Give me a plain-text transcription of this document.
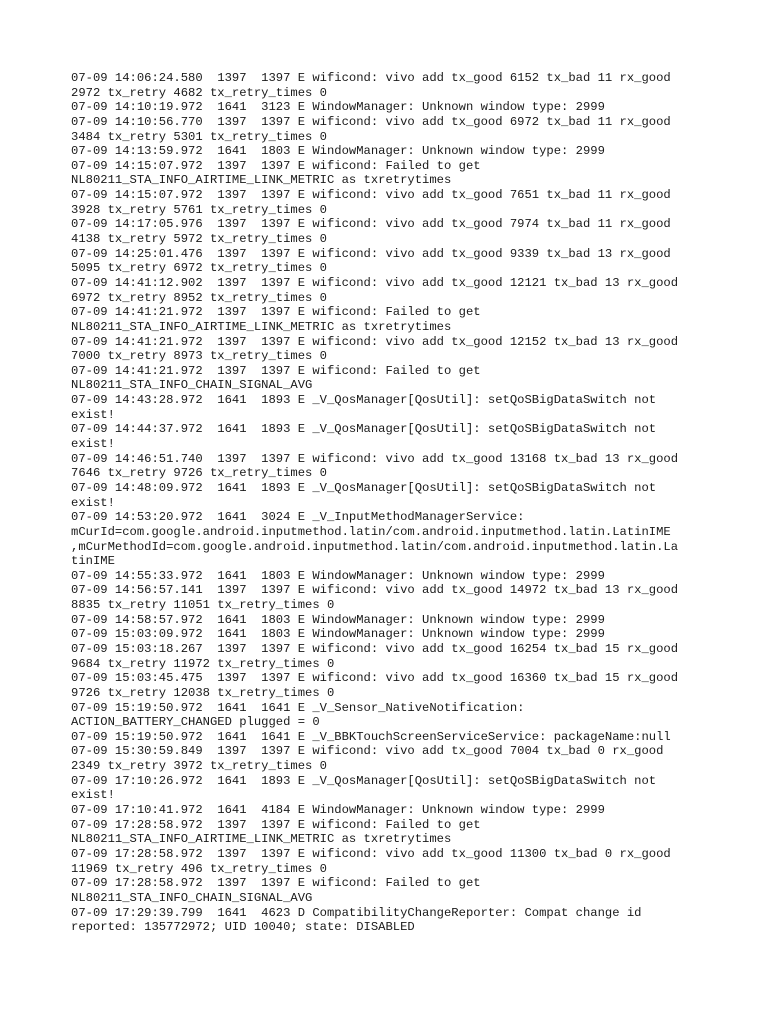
07-09 14:06:24.580  1397  1397 E wificond: vivo add tx_good 6152 tx_bad 11 rx_good
2972 tx_retry 4682 tx_retry_times 0
07-09 14:10:19.972  1641  3123 E WindowManager: Unknown window type: 2999
07-09 14:10:56.770  1397  1397 E wificond: vivo add tx_good 6972 tx_bad 11 rx_good
3484 tx_retry 5301 tx_retry_times 0
07-09 14:13:59.972  1641  1803 E WindowManager: Unknown window type: 2999
07-09 14:15:07.972  1397  1397 E wificond: Failed to get
NL80211_STA_INFO_AIRTIME_LINK_METRIC as txretrytimes
07-09 14:15:07.972  1397  1397 E wificond: vivo add tx_good 7651 tx_bad 11 rx_good
3928 tx_retry 5761 tx_retry_times 0
07-09 14:17:05.976  1397  1397 E wificond: vivo add tx_good 7974 tx_bad 11 rx_good
4138 tx_retry 5972 tx_retry_times 0
07-09 14:25:01.476  1397  1397 E wificond: vivo add tx_good 9339 tx_bad 13 rx_good
5095 tx_retry 6972 tx_retry_times 0
07-09 14:41:12.902  1397  1397 E wificond: vivo add tx_good 12121 tx_bad 13 rx_good
6972 tx_retry 8952 tx_retry_times 0
07-09 14:41:21.972  1397  1397 E wificond: Failed to get
NL80211_STA_INFO_AIRTIME_LINK_METRIC as txretrytimes
07-09 14:41:21.972  1397  1397 E wificond: vivo add tx_good 12152 tx_bad 13 rx_good
7000 tx_retry 8973 tx_retry_times 0
07-09 14:41:21.972  1397  1397 E wificond: Failed to get
NL80211_STA_INFO_CHAIN_SIGNAL_AVG
07-09 14:43:28.972  1641  1893 E _V_QosManager[QosUtil]: setQoSBigDataSwitch not
exist!
07-09 14:44:37.972  1641  1893 E _V_QosManager[QosUtil]: setQoSBigDataSwitch not
exist!
07-09 14:46:51.740  1397  1397 E wificond: vivo add tx_good 13168 tx_bad 13 rx_good
7646 tx_retry 9726 tx_retry_times 0
07-09 14:48:09.972  1641  1893 E _V_QosManager[QosUtil]: setQoSBigDataSwitch not
exist!
07-09 14:53:20.972  1641  3024 E _V_InputMethodManagerService:
mCurId=com.google.android.inputmethod.latin/com.android.inputmethod.latin.LatinIME
,mCurMethodId=com.google.android.inputmethod.latin/com.android.inputmethod.latin.La
tinIME
07-09 14:55:33.972  1641  1803 E WindowManager: Unknown window type: 2999
07-09 14:56:57.141  1397  1397 E wificond: vivo add tx_good 14972 tx_bad 13 rx_good
8835 tx_retry 11051 tx_retry_times 0
07-09 14:58:57.972  1641  1803 E WindowManager: Unknown window type: 2999
07-09 15:03:09.972  1641  1803 E WindowManager: Unknown window type: 2999
07-09 15:03:18.267  1397  1397 E wificond: vivo add tx_good 16254 tx_bad 15 rx_good
9684 tx_retry 11972 tx_retry_times 0
07-09 15:03:45.475  1397  1397 E wificond: vivo add tx_good 16360 tx_bad 15 rx_good
9726 tx_retry 12038 tx_retry_times 0
07-09 15:19:50.972  1641  1641 E _V_Sensor_NativeNotification:
ACTION_BATTERY_CHANGED plugged = 0
07-09 15:19:50.972  1641  1641 E _V_BBKTouchScreenServiceService: packageName:null
07-09 15:30:59.849  1397  1397 E wificond: vivo add tx_good 7004 tx_bad 0 rx_good
2349 tx_retry 3972 tx_retry_times 0
07-09 17:10:26.972  1641  1893 E _V_QosManager[QosUtil]: setQoSBigDataSwitch not
exist!
07-09 17:10:41.972  1641  4184 E WindowManager: Unknown window type: 2999
07-09 17:28:58.972  1397  1397 E wificond: Failed to get
NL80211_STA_INFO_AIRTIME_LINK_METRIC as txretrytimes
07-09 17:28:58.972  1397  1397 E wificond: vivo add tx_good 11300 tx_bad 0 rx_good
11969 tx_retry 496 tx_retry_times 0
07-09 17:28:58.972  1397  1397 E wificond: Failed to get
NL80211_STA_INFO_CHAIN_SIGNAL_AVG
07-09 17:29:39.799  1641  4623 D CompatibilityChangeReporter: Compat change id
reported: 135772972; UID 10040; state: DISABLED
